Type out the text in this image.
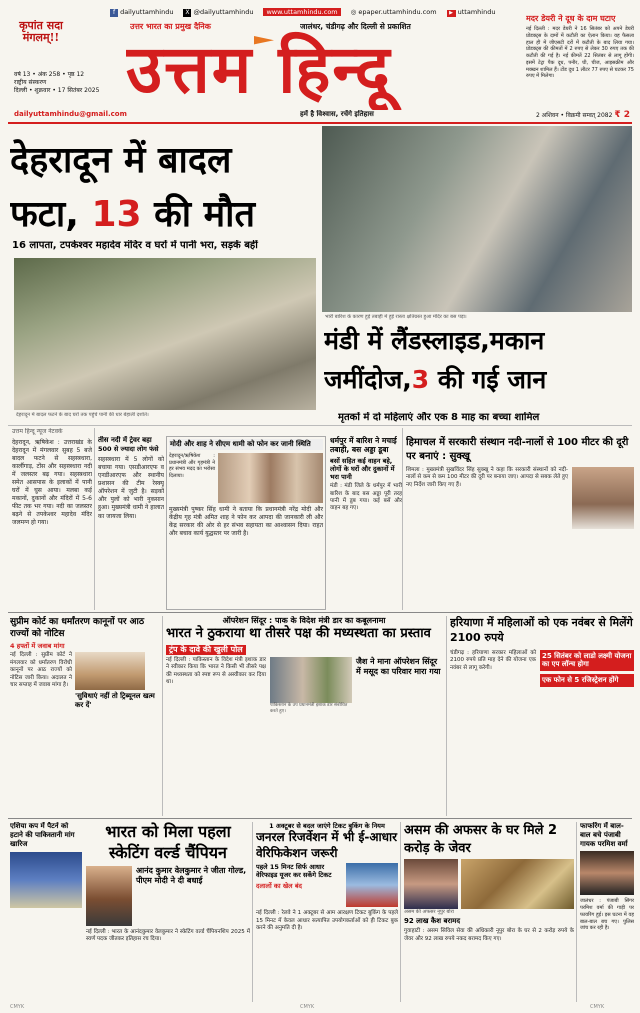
f dailyuttamhindu	X @dailyuttamhindu	www.uttamhindu.com	◎ epaper.uttamhindu.com	▶ uttamhindu
कृपांत सदा मंगलम्!!
वर्ष 13 • अंक 258 • पृष्ठ 12
राष्ट्रीय संस्करण
दिल्ली • शुक्रवार • 17 सितंबर 2025
dailyuttamhindu@gmail.com
उत्तर भारत का प्रमुख दैनिक	जालंधर, चंडीगढ़ और दिल्ली से प्रकाशित
उत्तम हिन्दू
हमें है विश्वास, रचेंगे इतिहास	2 अशिवन • विक्रमी सम्वत् 2082 ₹ 2
मदर डेयरी ने दूध के दाम घटाए
नई दिल्ली : मदर डेयरी ने 16 सितंबर को अपने डेयरी प्रोडक्ट्स के दामों में कटौती का ऐलान किया। यह फैसला हाल ही में जीएसटी दरों में कटौती के बाद लिया गया। प्रोडक्ट्स की कीमतों में 2 रुपए से लेकर 30 रुपए तक की कटौती की गई है। नई कीमतें 22 सितंबर से लागू होंगी। इसमें टेट्रा पैक दूध, पनीर, घी, चीज, आइसक्रीम और मक्खन शामिल हैं। टोंड दूध 1 लीटर 77 रुपए से घटकर 75 रुपए में मिलेगा।
देहरादून में बादल
फटा, 13 की मौत
16 लापता, टपकेश्वर महादेव मंदिर व घरों में पानी भरा, सड़कें बहीं
देहरादून में बादल फटने के बाद घरों तक पहुंचे पानी की धार बेहाली दर्शाते।
भारी बारिश के कारण हुई तबाही में हुई रास्ता क्षतिग्रस्त हुआ मंदिर का बस पड़ा।
मंडी में लैंडस्लाइड,मकान
जमींदोज,3 की गई जान
मृतकों में दो महिलाएं और एक 8 माह का बच्चा शामिल
उत्तम हिन्दू न्यूज नेटवर्क
देहरादून, ऋषिकेश : उत्तराखंड के देहरादून में मंगलवार सुबह 5 बजे बादल फटने से सहस्त्रधारा, कार्लीगाड़, टोंस और सहस्त्रधारा नदी में जलस्तर बढ़ गया। सहस्त्रधारा समेत आसपास के इलाकों में पानी घरों में घुस आया। मलबा कई मकानों, दुकानों और मंदिरों में 5-6 फीट तक भर गया। नदी का जलस्तर बढ़ने से तपकेश्वर महादेव मंदिर जलमग्न हो गया।
तीस नदी में ट्रेवर बहा
500 से ज्यादा लोग फंसे
सहस्त्रधारा में 5 लोगों को बचाया गया। एसडीआरएफ व एनडीआरएफ और स्थानीय प्रशासन की टीम रेस्क्यू ऑपरेशन में जुटी है। सड़कों और पुलों को भारी नुकसान हुआ। मुख्यमंत्री धामी ने हालात का जायजा लिया।
मोदी और शाह ने सीएम धामी को फोन कर जानी स्थिति
देहरादून/ऋषिकेश : प्रधानमंत्री और गृहमंत्री ने हर संभव मदद का भरोसा दिलाया।
मुख्यमंत्री पुष्कर सिंह धामी ने बताया कि प्रधानमंत्री नरेंद्र मोदी और केंद्रीय गृह मंत्री अमित शाह ने फोन कर आपदा की जानकारी ली और केंद्र सरकार की ओर से हर संभव सहायता का आश्वासन दिया। राहत और बचाव कार्य युद्धस्तर पर जारी है।
धर्मपुर में बारिश ने मचाई तबाही, बस अड्डा डूबा
बसों सहित कई वाहन बहे, लोगों के घरों और दुकानों में भरा पानी
मंडी : मंडी जिले के धर्मपुर में भारी बारिश के बाद बस अड्डा पूरी तरह पानी में डूब गया। कई बसें और वाहन बह गए।
हिमाचल में सरकारी संस्थान नदी-नालों से 100 मीटर की दूरी पर बनाएं : सुक्खू
शिमला : मुख्यमंत्री सुखविंदर सिंह सुक्खू ने कहा कि सरकारी संस्थानों को नदी-नालों से कम से कम 100 मीटर की दूरी पर बनाया जाए। आपदा से सबक लेते हुए नए निर्देश जारी किए गए हैं।
सुप्रीम कोर्ट का धर्मांतरण कानूनों पर आठ राज्यों को नोटिस
4 हफ्तों में जवाब मांगा
नई दिल्ली : सुप्रीम कोर्ट ने मंगलवार को धर्मांतरण विरोधी कानूनों पर आठ राज्यों को नोटिस जारी किया। अदालत ने चार सप्ताह में जवाब मांगा है।
'सुविधाएं नहीं तो ट्रिब्यूनल खत्म कर दें'
ऑपरेशन सिंदूर : पाक के विदेश मंत्री डार का कबूलनामा
भारत ने ठुकराया था तीसरे पक्ष की मध्यस्थता का प्रस्ताव
ट्रंप के दावे की खुली पोल
नई दिल्ली : पाकिस्तान के विदेश मंत्री इशाक डार ने स्वीकार किया कि भारत ने किसी भी तीसरे पक्ष की मध्यस्थता को स्पष्ट रूप से अस्वीकार कर दिया था।
पाकिस्तान के उप प्रधानमंत्री इशाक डार संबोधित करते हुए।
जैश ने माना ऑपरेशन सिंदूर में मसूद का परिवार मारा गया
हरियाणा में महिलाओं को एक नवंबर से मिलेंगे 2100 रुपये
चंडीगढ़ : हरियाणा सरकार महिलाओं को 2100 रुपये प्रति माह देने की योजना एक नवंबर से लागू करेगी।
25 सितंबर को लाडो लक्ष्मी योजना का एप लॉन्च होगा
एक फोन से 5 रजिस्ट्रेशन होंगे
एशिया कप में पैटर्न को हटाने की पाकिस्तानी मांग खारिज
भारत को मिला पहला स्केटिंग वर्ल्ड चैंपियन
आनंद कुमार वेलकुमार ने जीता गोल्ड, पीएम मोदी ने दी बधाई
नई दिल्ली : भारत के आनंदकुमार वेलकुमार ने स्केटिंग वर्ल्ड चैंपियनशिप 2025 में स्वर्ण पदक जीतकर इतिहास रच दिया।
1 अक्टूबर से बदल जाएंगे टिकट बुकिंग के नियम
जनरल रिजर्वेशन में भी ई-आधार वेरिफिकेशन जरूरी
पहले 15 मिनट सिर्फ आधार वेरिफाइड यूजर कर सकेंगे टिकट
दलालों का खेल बंद
नई दिल्ली : रेलवे ने 1 अक्टूबर से आम आरक्षण टिकट बुकिंग के पहले 15 मिनट में केवल आधार सत्यापित उपयोगकर्ताओं को ही टिकट बुक करने की अनुमति दी है।
असम की अफसर के घर मिले 2 करोड़ के जेवर
असम की अफसर नूपुर बोरा
92 लाख कैश बरामद
गुवाहाटी : असम सिविल सेवा की अधिकारी नूपुर बोरा के घर से 2 करोड़ रुपये के जेवर और 92 लाख रुपये नकद बरामद किए गए।
फाफरिंग में बाल-बाल बचे पंजाबी गायक परमिश वर्मा
जालंधर : पंजाबी सिंगर परमिश वर्मा की गाड़ी पर फायरिंग हुई। इस घटना में वह बाल-बाल बच गए। पुलिस जांच कर रही है।
CMYK	CMYK	CMYK
